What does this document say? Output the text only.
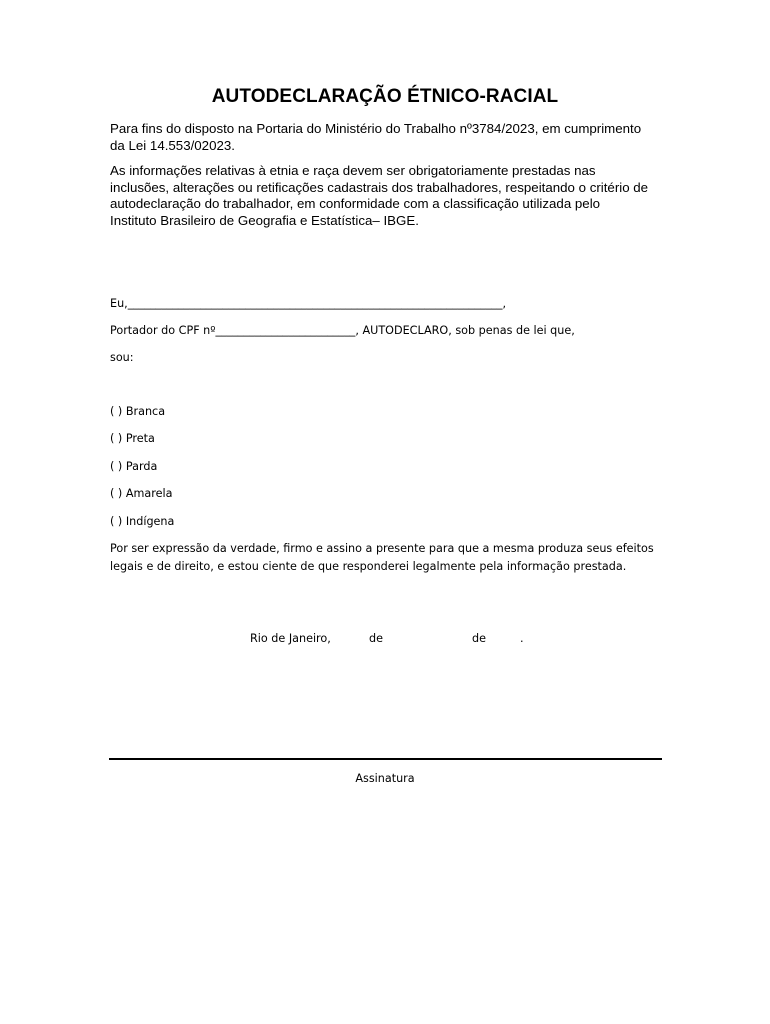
AUTODECLARAÇÃO ÉTNICO-RACIAL
Para fins do disposto na Portaria do Ministério do Trabalho nº3784/2023, em cumprimento da Lei 14.553/02023.
As informações relativas à etnia e raça devem ser obrigatoriamente prestadas nas inclusões, alterações ou retificações cadastrais dos trabalhadores, respeitando o critério de autodeclaração do trabalhador, em conformidade com a classificação utilizada pelo Instituto Brasileiro de Geografia e Estatística– IBGE.
Eu,___________________________________________________________________,
Portador do CPF nº_________________________, AUTODECLARO, sob penas de lei que,
sou:
( ) Branca
( ) Preta
( ) Parda
( ) Amarela
( ) Indígena
Por ser expressão da verdade, firmo e assino a presente para que a mesma produza seus efeitos legais e de direito, e estou ciente de que responderei legalmente pela informação prestada.
Rio de Janeiro,	de	de	.
Assinatura
